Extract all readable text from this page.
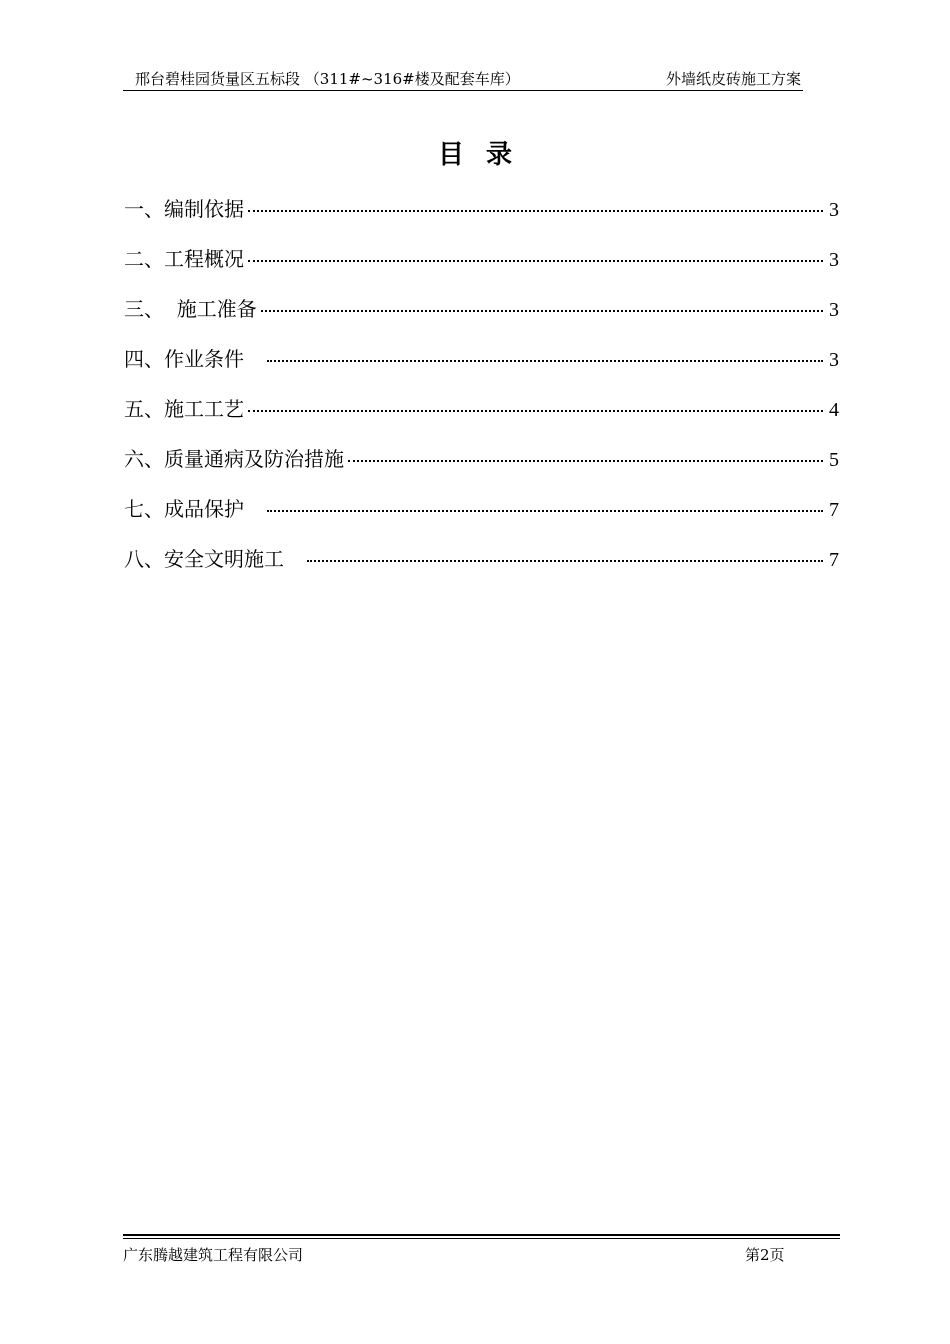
邢台碧桂园货量区五标段 （311#~316#楼及配套车库）	外墙纸皮砖施工方案
目录
一、编制依据	3
二、工程概况	3
三、  施工准备	3
四、作业条件	3
五、施工工艺	4
六、质量通病及防治措施	5
七、成品保护	7
八、安全文明施工	7
广东腾越建筑工程有限公司	第2页
